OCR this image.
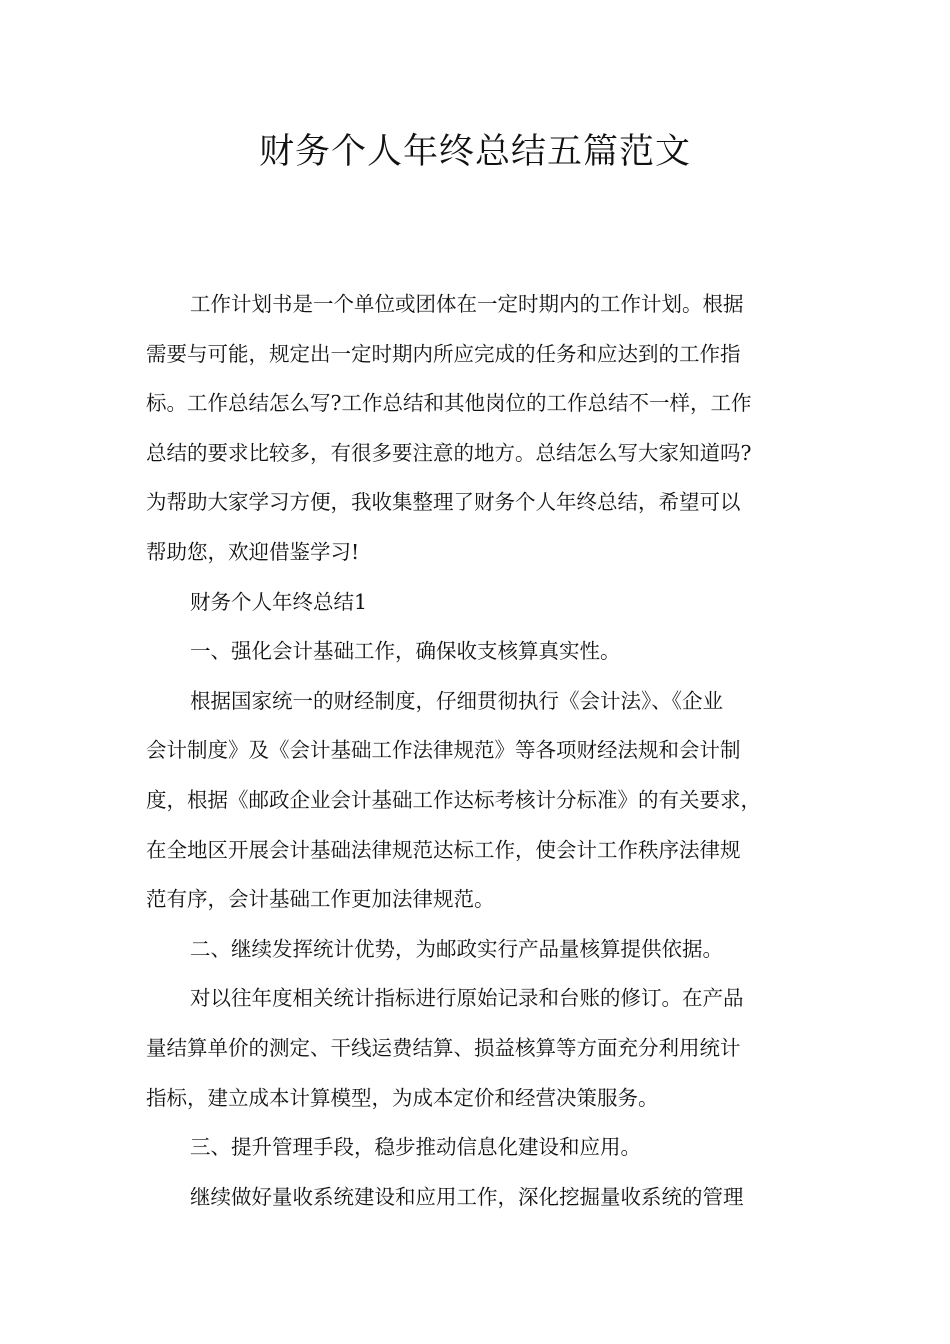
财务个人年终总结五篇范文
工作计划书是一个单位或团体在一定时期内的工作计划。根据
需要与可能，规定出一定时期内所应完成的任务和应达到的工作指
标。工作总结怎么写?工作总结和其他岗位的工作总结不一样，工作
总结的要求比较多，有很多要注意的地方。总结怎么写大家知道吗?
为帮助大家学习方便，我收集整理了财务个人年终总结，希望可以
帮助您，欢迎借鉴学习!
财务个人年终总结1
一、强化会计基础工作，确保收支核算真实性。
根据国家统一的财经制度，仔细贯彻执行《会计法》、《企业
会计制度》及《会计基础工作法律规范》等各项财经法规和会计制
度，根据《邮政企业会计基础工作达标考核计分标准》的有关要求，
在全地区开展会计基础法律规范达标工作，使会计工作秩序法律规
范有序，会计基础工作更加法律规范。
二、继续发挥统计优势，为邮政实行产品量核算提供依据。
对以往年度相关统计指标进行原始记录和台账的修订。在产品
量结算单价的测定、干线运费结算、损益核算等方面充分利用统计
指标，建立成本计算模型，为成本定价和经营决策服务。
三、提升管理手段，稳步推动信息化建设和应用。
继续做好量收系统建设和应用工作，深化挖掘量收系统的管理
